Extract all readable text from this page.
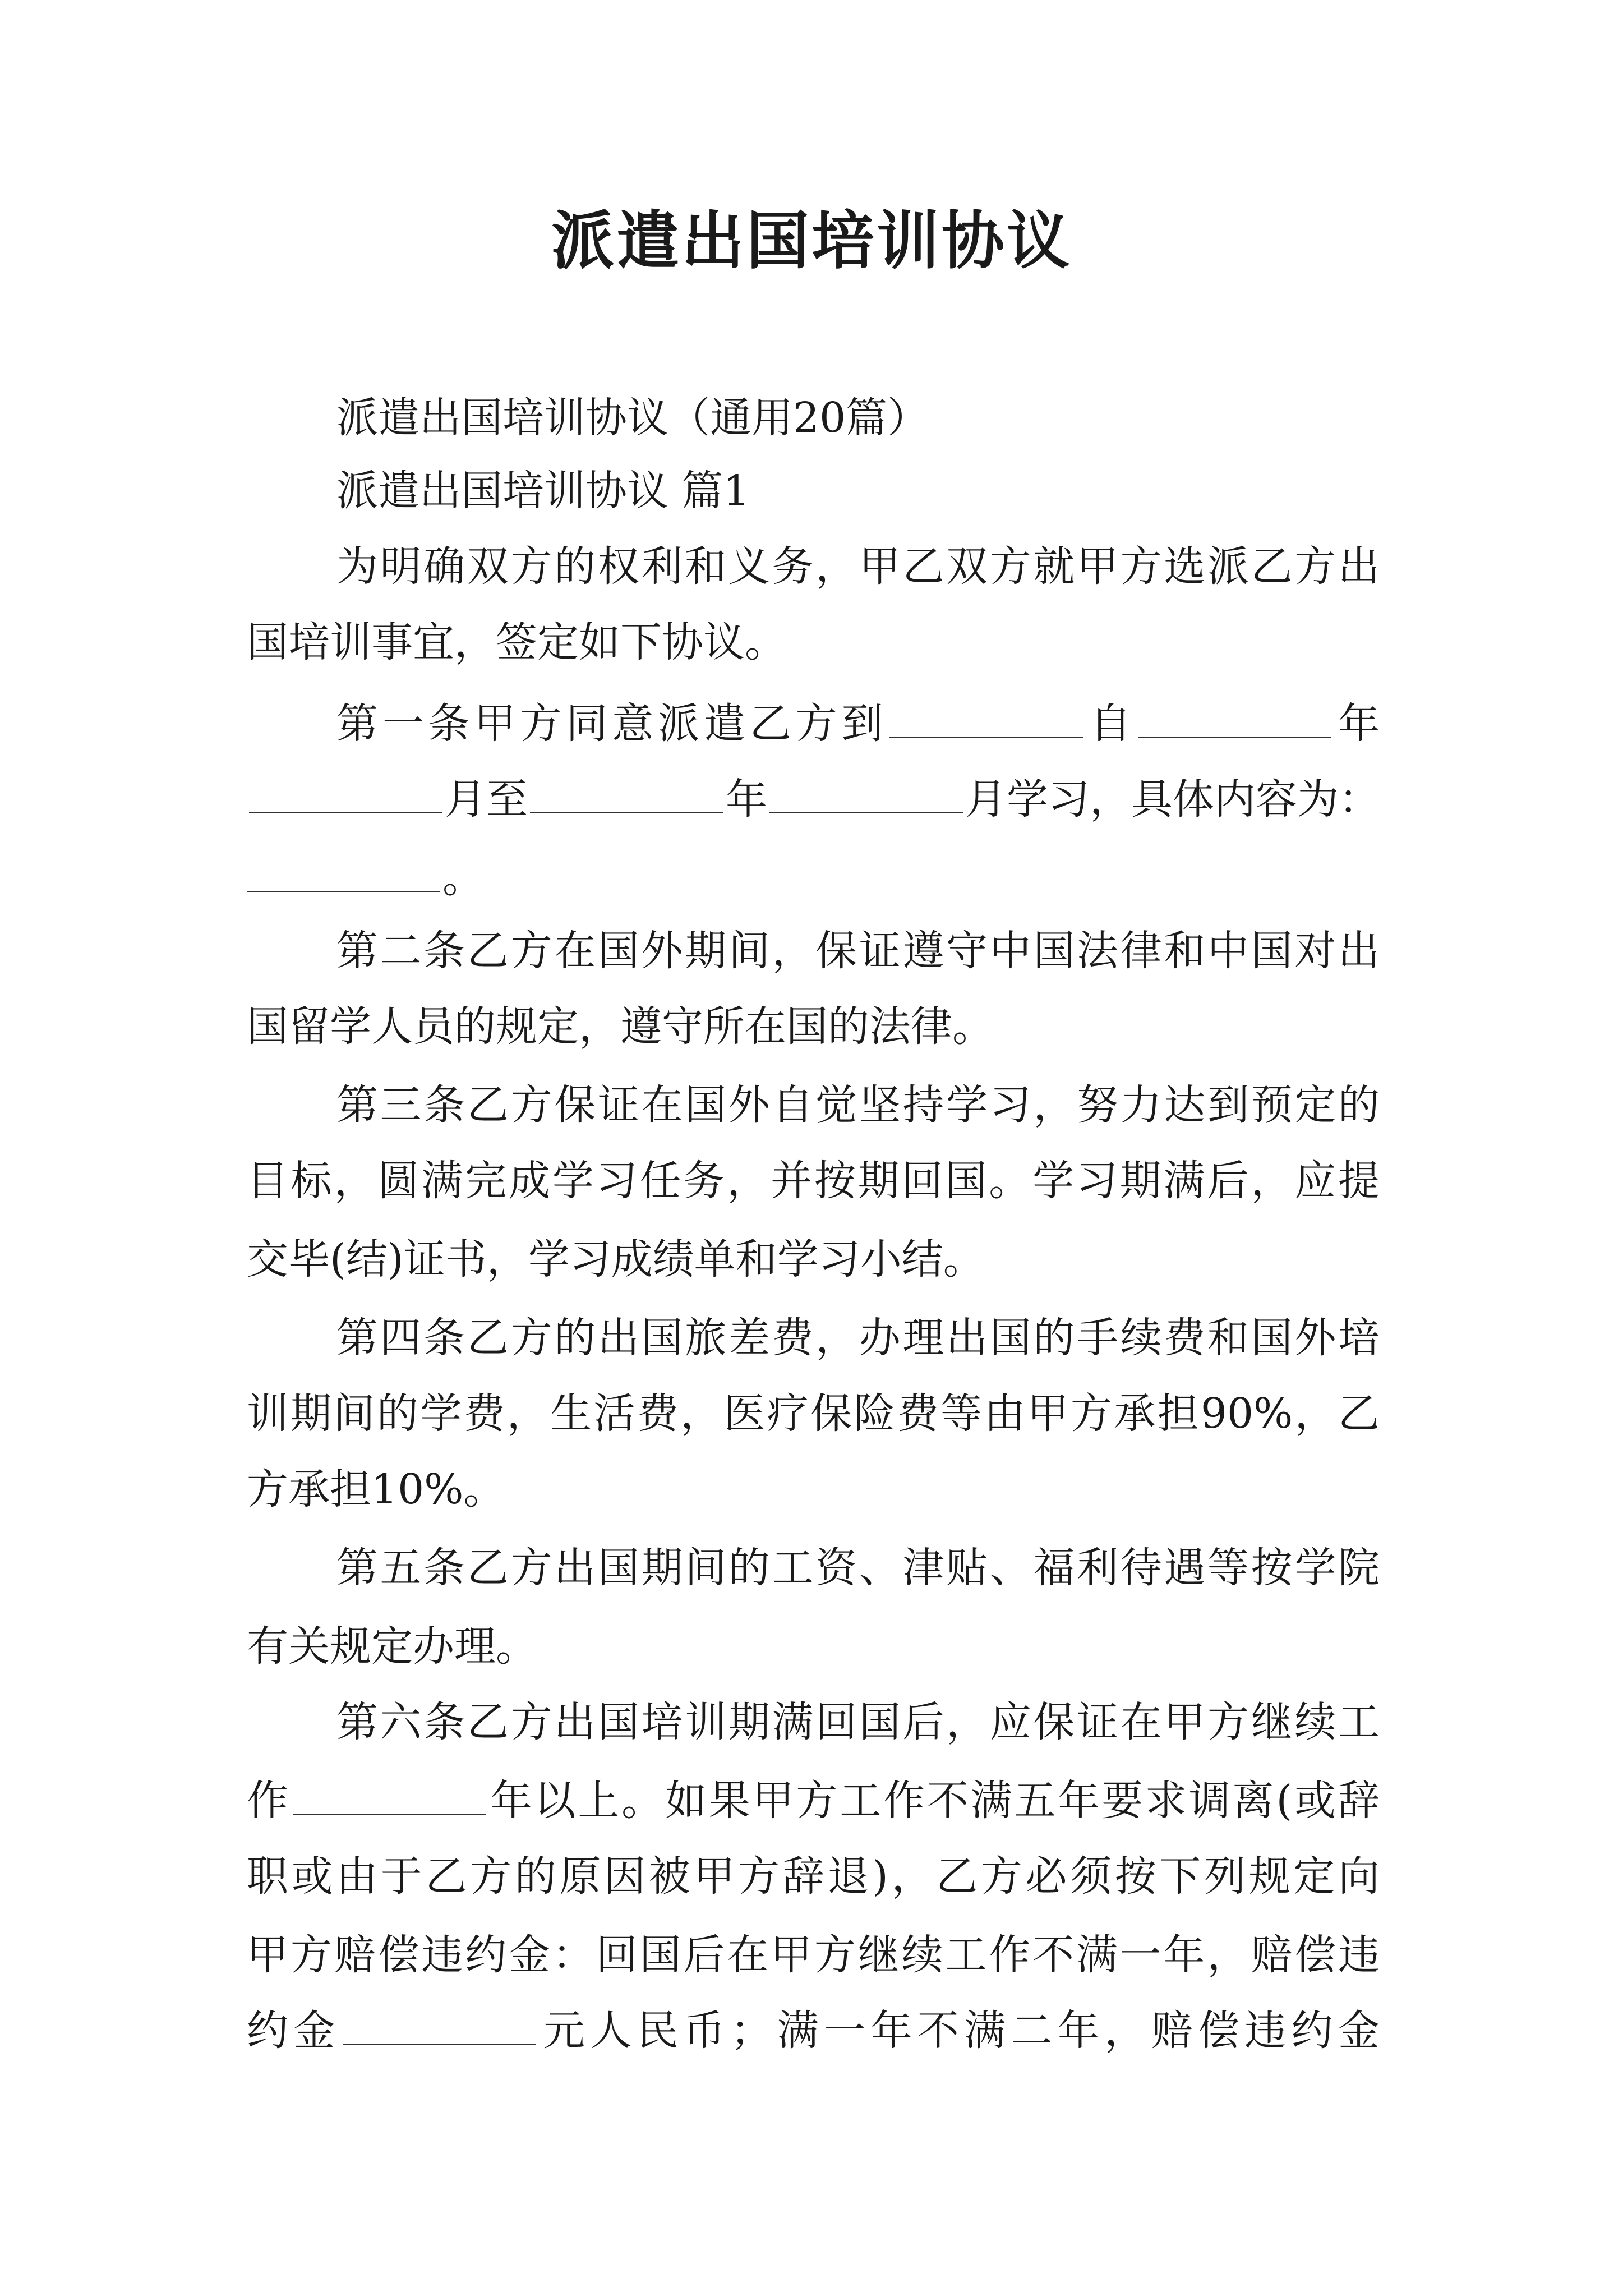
派遣出国培训协议

派遣出国培训协议（通用20篇）

派遣出国培训协议 篇1

为明确双方的权利和义务，甲乙双方就甲方选派乙方出

国培训事宜，签定如下协议。

第一条甲方同意派遣乙方到	自	年

月至	年	月学习，具体内容为：

。

第二条乙方在国外期间，保证遵守中国法律和中国对出

国留学人员的规定，遵守所在国的法律。

第三条乙方保证在国外自觉坚持学习，努力达到预定的

目标，圆满完成学习任务，并按期回国。学习期满后，应提

交毕(结)证书，学习成绩单和学习小结。

第四条乙方的出国旅差费，办理出国的手续费和国外培

训期间的学费，生活费，医疗保险费等由甲方承担90%，乙

方承担10%。

第五条乙方出国期间的工资、津贴、福利待遇等按学院

有关规定办理。

第六条乙方出国培训期满回国后，应保证在甲方继续工

作	年以上。如果甲方工作不满五年要求调离(或辞

职或由于乙方的原因被甲方辞退)，乙方必须按下列规定向

甲方赔偿违约金：回国后在甲方继续工作不满一年，赔偿违

约金	元人民币；满一年不满二年，赔偿违约金
